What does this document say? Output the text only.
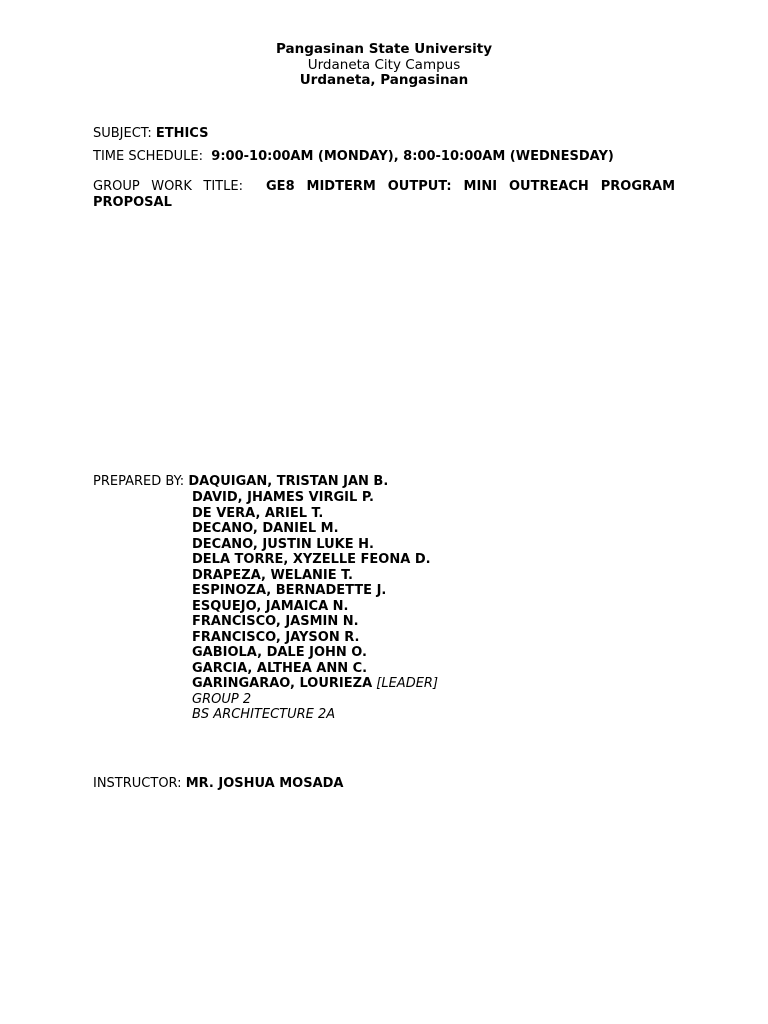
Pangasinan State University
Urdaneta City Campus
Urdaneta, Pangasinan
SUBJECT: ETHICS
TIME SCHEDULE: 9:00-10:00AM (MONDAY), 8:00-10:00AM (WEDNESDAY)
GROUP WORK TITLE: GE8 MIDTERM OUTPUT: MINI OUTREACH PROGRAM PROPOSAL
PREPARED BY: DAQUIGAN, TRISTAN JAN B.
DAVID, JHAMES VIRGIL P.
DE VERA, ARIEL T.
DECANO, DANIEL M.
DECANO, JUSTIN LUKE H.
DELA TORRE, XYZELLE FEONA D.
DRAPEZA, WELANIE T.
ESPINOZA, BERNADETTE J.
ESQUEJO, JAMAICA N.
FRANCISCO, JASMIN N.
FRANCISCO, JAYSON R.
GABIOLA, DALE JOHN O.
GARCIA, ALTHEA ANN C.
GARINGARAO, LOURIEZA [LEADER]
GROUP 2
BS ARCHITECTURE 2A
INSTRUCTOR: MR. JOSHUA MOSADA
